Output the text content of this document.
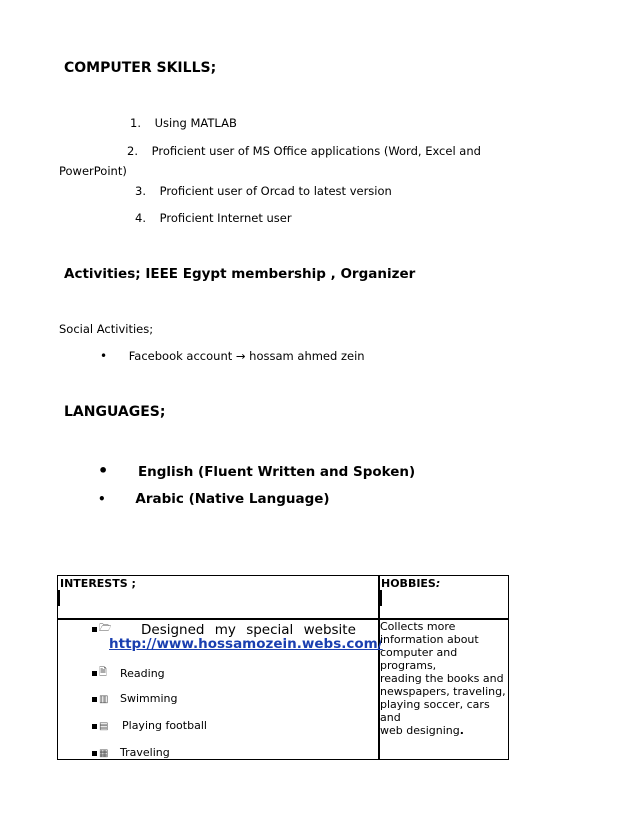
COMPUTER SKILLS;
1. Using MATLAB
2. Proficient user of MS Office applications (Word, Excel and
PowerPoint)
3. Proficient user of Orcad to latest version
4. Proficient Internet user
Activities; IEEE Egypt membership , Organizer
Social Activities;
• Facebook account → hossam ahmed zein
LANGUAGES;
• English (Fluent Written and Spoken)
• Arabic (Native Language)
INTERESTS ;	HOBBIES:
🗁 Designed my special website
http://www.hossamozein.webs.com/
🗎 Reading
▥ Swimming
▤ Playing football
▦ Traveling
Collects more
information about
computer and programs,
reading the books and
newspapers, traveling,
playing soccer, cars and
web designing.
